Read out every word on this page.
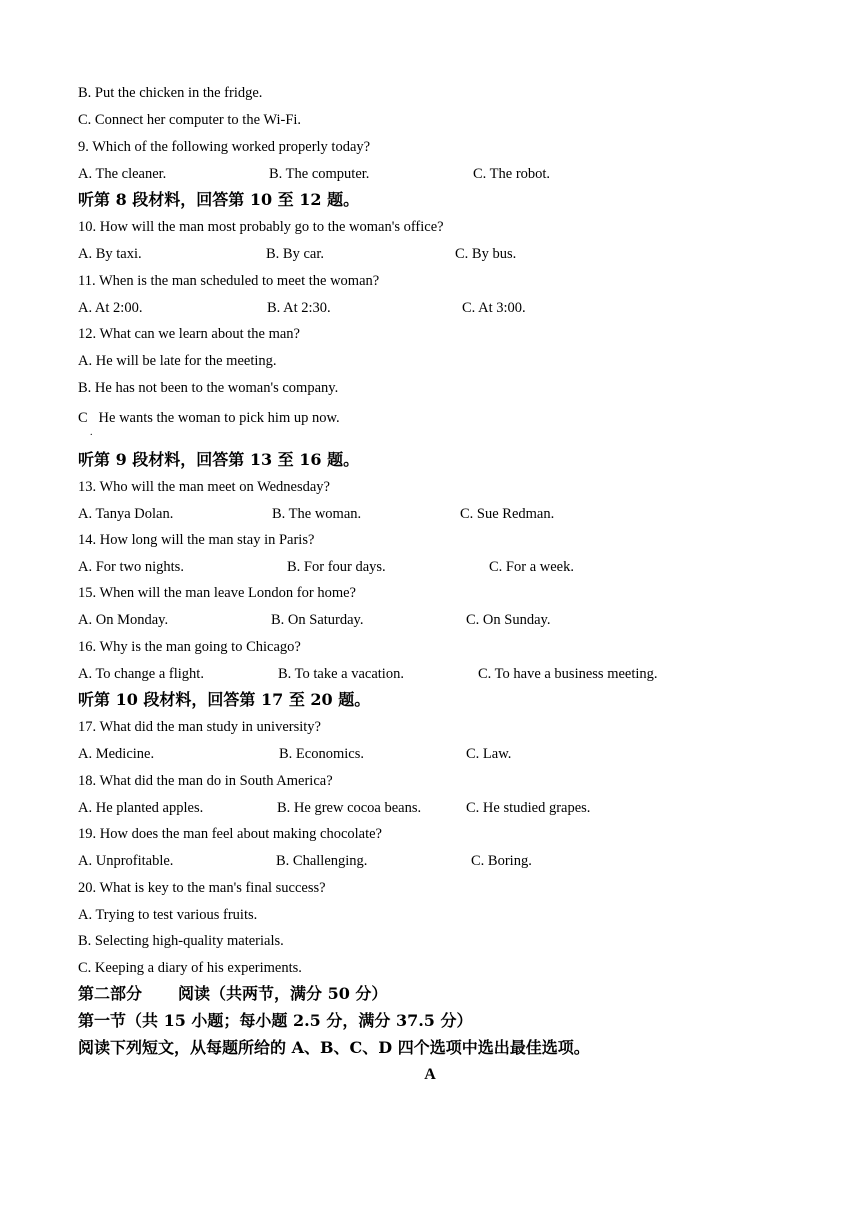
B. Put the chicken in the fridge.
C. Connect her computer to the Wi-Fi.
9. Which of the following worked properly today?
A. The cleaner.	B. The computer.	C. The robot.
听第 8 段材料，回答第 10 至 12 题。
10. How will the man most probably go to the woman's office?
A. By taxi.	B. By car.	C. By bus.
11. When is the man scheduled to meet the woman?
A. At 2:00.	B. At 2:30.	C. At 3:00.
12. What can we learn about the man?
A. He will be late for the meeting.
B. He has not been to the woman's company.
C   He wants the woman to pick him up now.
.
听第 9 段材料，回答第 13 至 16 题。
13. Who will the man meet on Wednesday?
A. Tanya Dolan.	B. The woman.	C. Sue Redman.
14. How long will the man stay in Paris?
A. For two nights.	B. For four days.	C. For a week.
15. When will the man leave London for home?
A. On Monday.	B. On Saturday.	C. On Sunday.
16. Why is the man going to Chicago?
A. To change a flight.	B. To take a vacation.	C. To have a business meeting.
听第 10 段材料，回答第 17 至 20 题。
17. What did the man study in university?
A. Medicine.	B. Economics.	C. Law.
18. What did the man do in South America?
A. He planted apples.	B. He grew cocoa beans.	C. He studied grapes.
19. How does the man feel about making chocolate?
A. Unprofitable.	B. Challenging.	C. Boring.
20. What is key to the man's final success?
A. Trying to test various fruits.
B. Selecting high-quality materials.
C. Keeping a diary of his experiments.
第二部分 阅读（共两节，满分 50 分）
第一节（共 15 小题；每小题 2.5 分，满分 37.5 分）
阅读下列短文，从每题所给的 A、B、C、D 四个选项中选出最佳选项。
A
